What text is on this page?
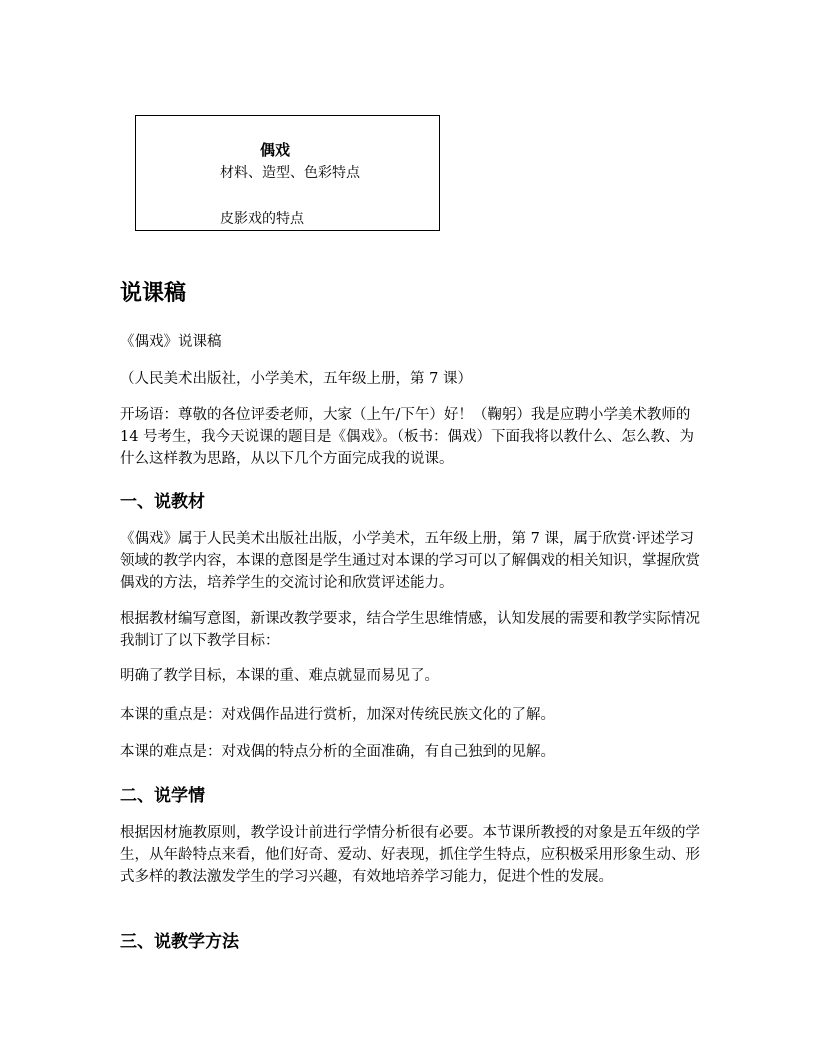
偶戏
材料、造型、色彩特点
皮影戏的特点
说课稿

《偶戏》说课稿

（人民美术出版社，小学美术，五年级上册，第 7 课）

开场语：尊敬的各位评委老师，大家（上午/下午）好！（鞠躬）我是应聘小学美术教师的 14 号考生，我今天说课的题目是《偶戏》。（板书：偶戏）下面我将以教什么、怎么教、为什么这样教为思路，从以下几个方面完成我的说课。

一、说教材

《偶戏》属于人民美术出版社出版，小学美术，五年级上册，第 7 课，属于欣赏·评述学习领域的教学内容，本课的意图是学生通过对本课的学习可以了解偶戏的相关知识，掌握欣赏偶戏的方法，培养学生的交流讨论和欣赏评述能力。

根据教材编写意图，新课改教学要求，结合学生思维情感，认知发展的需要和教学实际情况我制订了以下教学目标：

明确了教学目标，本课的重、难点就显而易见了。

本课的重点是：对戏偶作品进行赏析，加深对传统民族文化的了解。

本课的难点是：对戏偶的特点分析的全面准确，有自己独到的见解。

二、说学情

根据因材施教原则，教学设计前进行学情分析很有必要。本节课所教授的对象是五年级的学生，从年龄特点来看，他们好奇、爱动、好表现，抓住学生特点，应积极采用形象生动、形式多样的教法激发学生的学习兴趣，有效地培养学习能力，促进个性的发展。

三、说教学方法
